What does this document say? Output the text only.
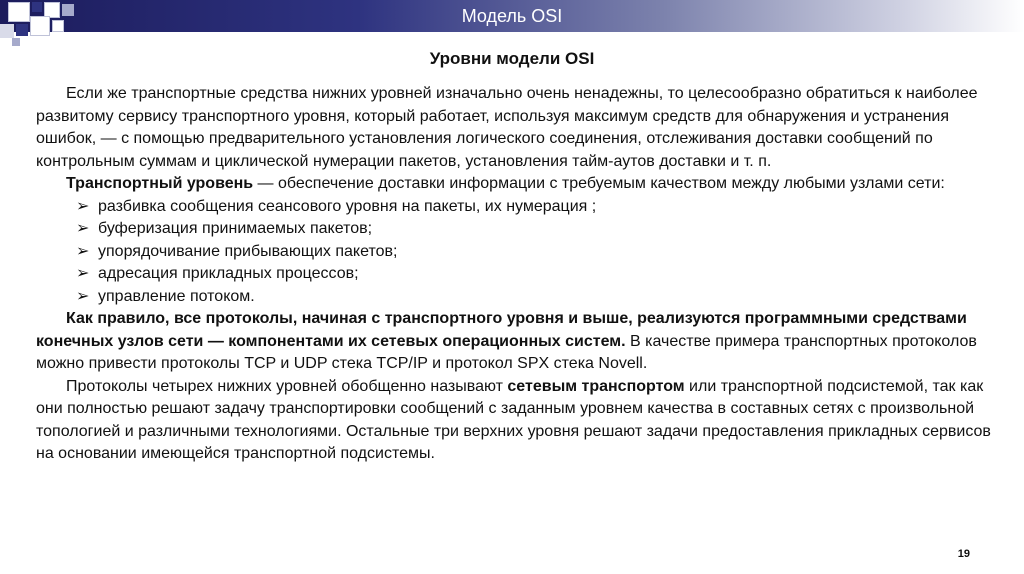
Модель OSI
Уровни модели OSI

Если же транспортные средства нижних уровней изначально очень ненадежны, то целесообразно обратиться к наиболее развитому сервису транспортного уровня, который работает, используя максимум средств для обнаружения и устранения ошибок, — с помощью предварительного установления логического соединения, отслеживания доставки сообщений по контрольным суммам и циклической нумерации пакетов, установления тайм-аутов доставки и т. п.

Транспортный уровень — обеспечение доставки информации с требуемым качеством между любыми узлами сети:

➢ разбивка сообщения сеансового уровня на пакеты, их нумерация ;
➢ буферизация принимаемых пакетов;
➢ упорядочивание прибывающих пакетов;
➢ адресация прикладных процессов;
➢ управление потоком.

Как правило, все протоколы, начиная с транспортного уровня и выше, реализуются программными средствами конечных узлов сети — компонентами их сетевых операционных систем. В качестве примера транспортных протоколов можно привести протоколы TCP и UDP стека TCP/IP и протокол SPX стека Novell.

Протоколы четырех нижних уровней обобщенно называют сетевым транспортом или транспортной подсистемой, так как они полностью решают задачу транспортировки сообщений с заданным уровнем качества в составных сетях с произвольной топологией и различными технологиями. Остальные три верхних уровня решают задачи предоставления прикладных сервисов на основании имеющейся транспортной подсистемы.

19
